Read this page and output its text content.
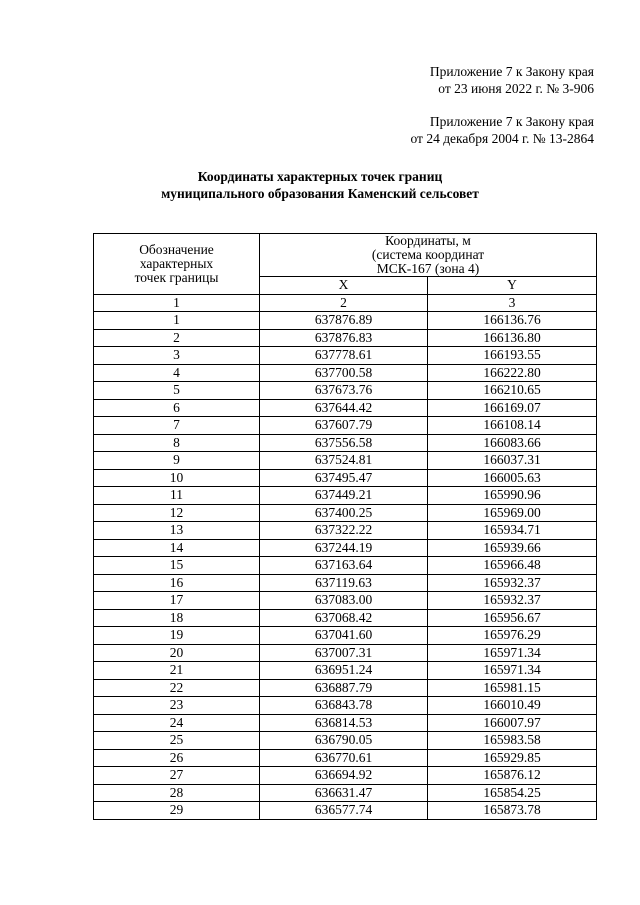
Приложение 7 к Закону края
от 23 июня 2022 г. № 3-906
Приложение 7 к Закону края
от 24 декабря 2004 г. № 13-2864
Координаты характерных точек границ
муниципального образования Каменский сельсовет
Обозначение
характерных
точек границы	Координаты, м
(система координат
МСК-167 (зона 4)	

	X	Y
1	2	3
1	637876.89	166136.76
2	637876.83	166136.80
3	637778.61	166193.55
4	637700.58	166222.80
5	637673.76	166210.65
6	637644.42	166169.07
7	637607.79	166108.14
8	637556.58	166083.66
9	637524.81	166037.31
10	637495.47	166005.63
11	637449.21	165990.96
12	637400.25	165969.00
13	637322.22	165934.71
14	637244.19	165939.66
15	637163.64	165966.48
16	637119.63	165932.37
17	637083.00	165932.37
18	637068.42	165956.67
19	637041.60	165976.29
20	637007.31	165971.34
21	636951.24	165971.34
22	636887.79	165981.15
23	636843.78	166010.49
24	636814.53	166007.97
25	636790.05	165983.58
26	636770.61	165929.85
27	636694.92	165876.12
28	636631.47	165854.25
29	636577.74	165873.78
